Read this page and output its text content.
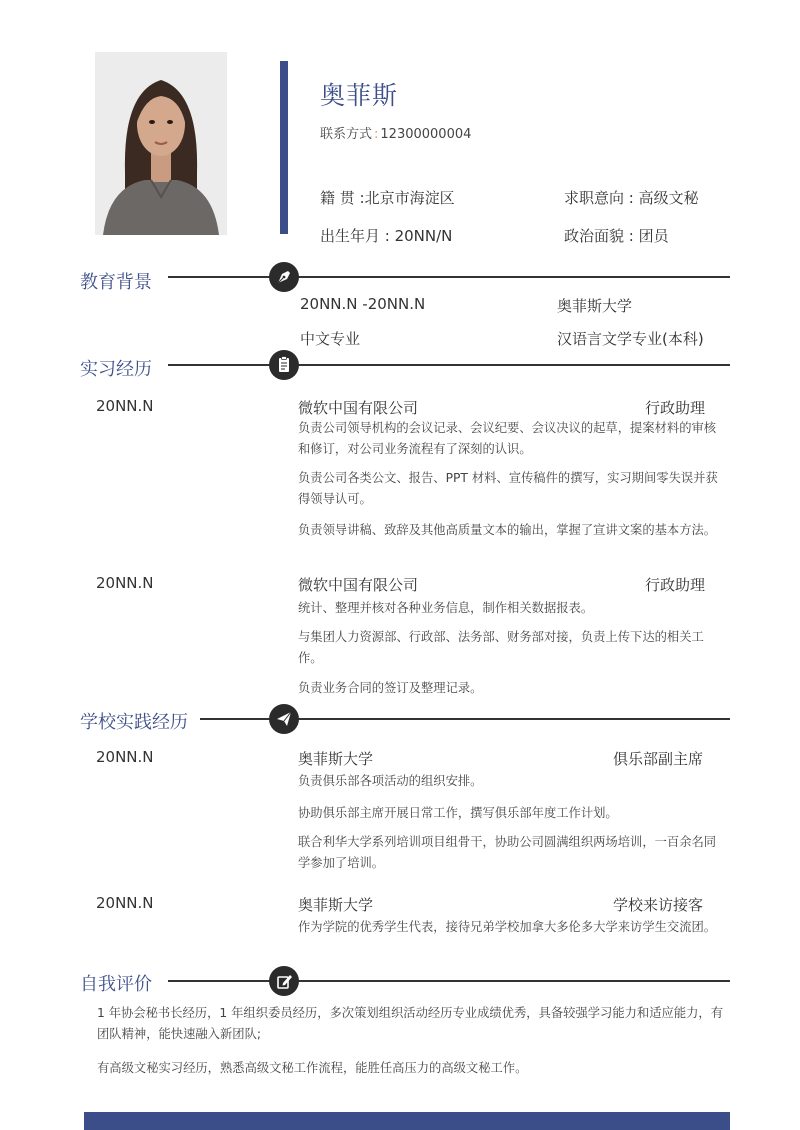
奥菲斯
联系方式 : 12300000004
籍 贯 :北京市海淀区	求职意向 : 高级文秘
出生年月 : 20NN/N	政治面貌 : 团员
教育背景
20NN.N -20NN.N	奥菲斯大学
中文专业	汉语言文学专业(本科)
实习经历
20NN.N	微软中国有限公司	行政助理
负责公司领导机构的会议记录、会议纪要、会议决议的起草，提案材料的审核和修订，对公司业务流程有了深刻的认识。
负责公司各类公文、报告、PPT 材料、宣传稿件的撰写，实习期间零失误并获得领导认可。
负责领导讲稿、致辞及其他高质量文本的输出，掌握了宣讲文案的基本方法。
20NN.N	微软中国有限公司	行政助理
统计、整理并核对各种业务信息，制作相关数据报表。
与集团人力资源部、行政部、法务部、财务部对接，负责上传下达的相关工作。
负责业务合同的签订及整理记录。
学校实践经历
20NN.N	奥菲斯大学	俱乐部副主席
负责俱乐部各项活动的组织安排。
协助俱乐部主席开展日常工作，撰写俱乐部年度工作计划。
联合利华大学系列培训项目组骨干，协助公司圆满组织两场培训，一百余名同学参加了培训。
20NN.N	奥菲斯大学	学校来访接客
作为学院的优秀学生代表，接待兄弟学校加拿大多伦多大学来访学生交流团。
自我评价
1 年协会秘书长经历，1 年组织委员经历，多次策划组织活动经历专业成绩优秀，具备较强学习能力和适应能力，有团队精神，能快速融入新团队;
有高级文秘实习经历，熟悉高级文秘工作流程，能胜任高压力的高级文秘工作。
